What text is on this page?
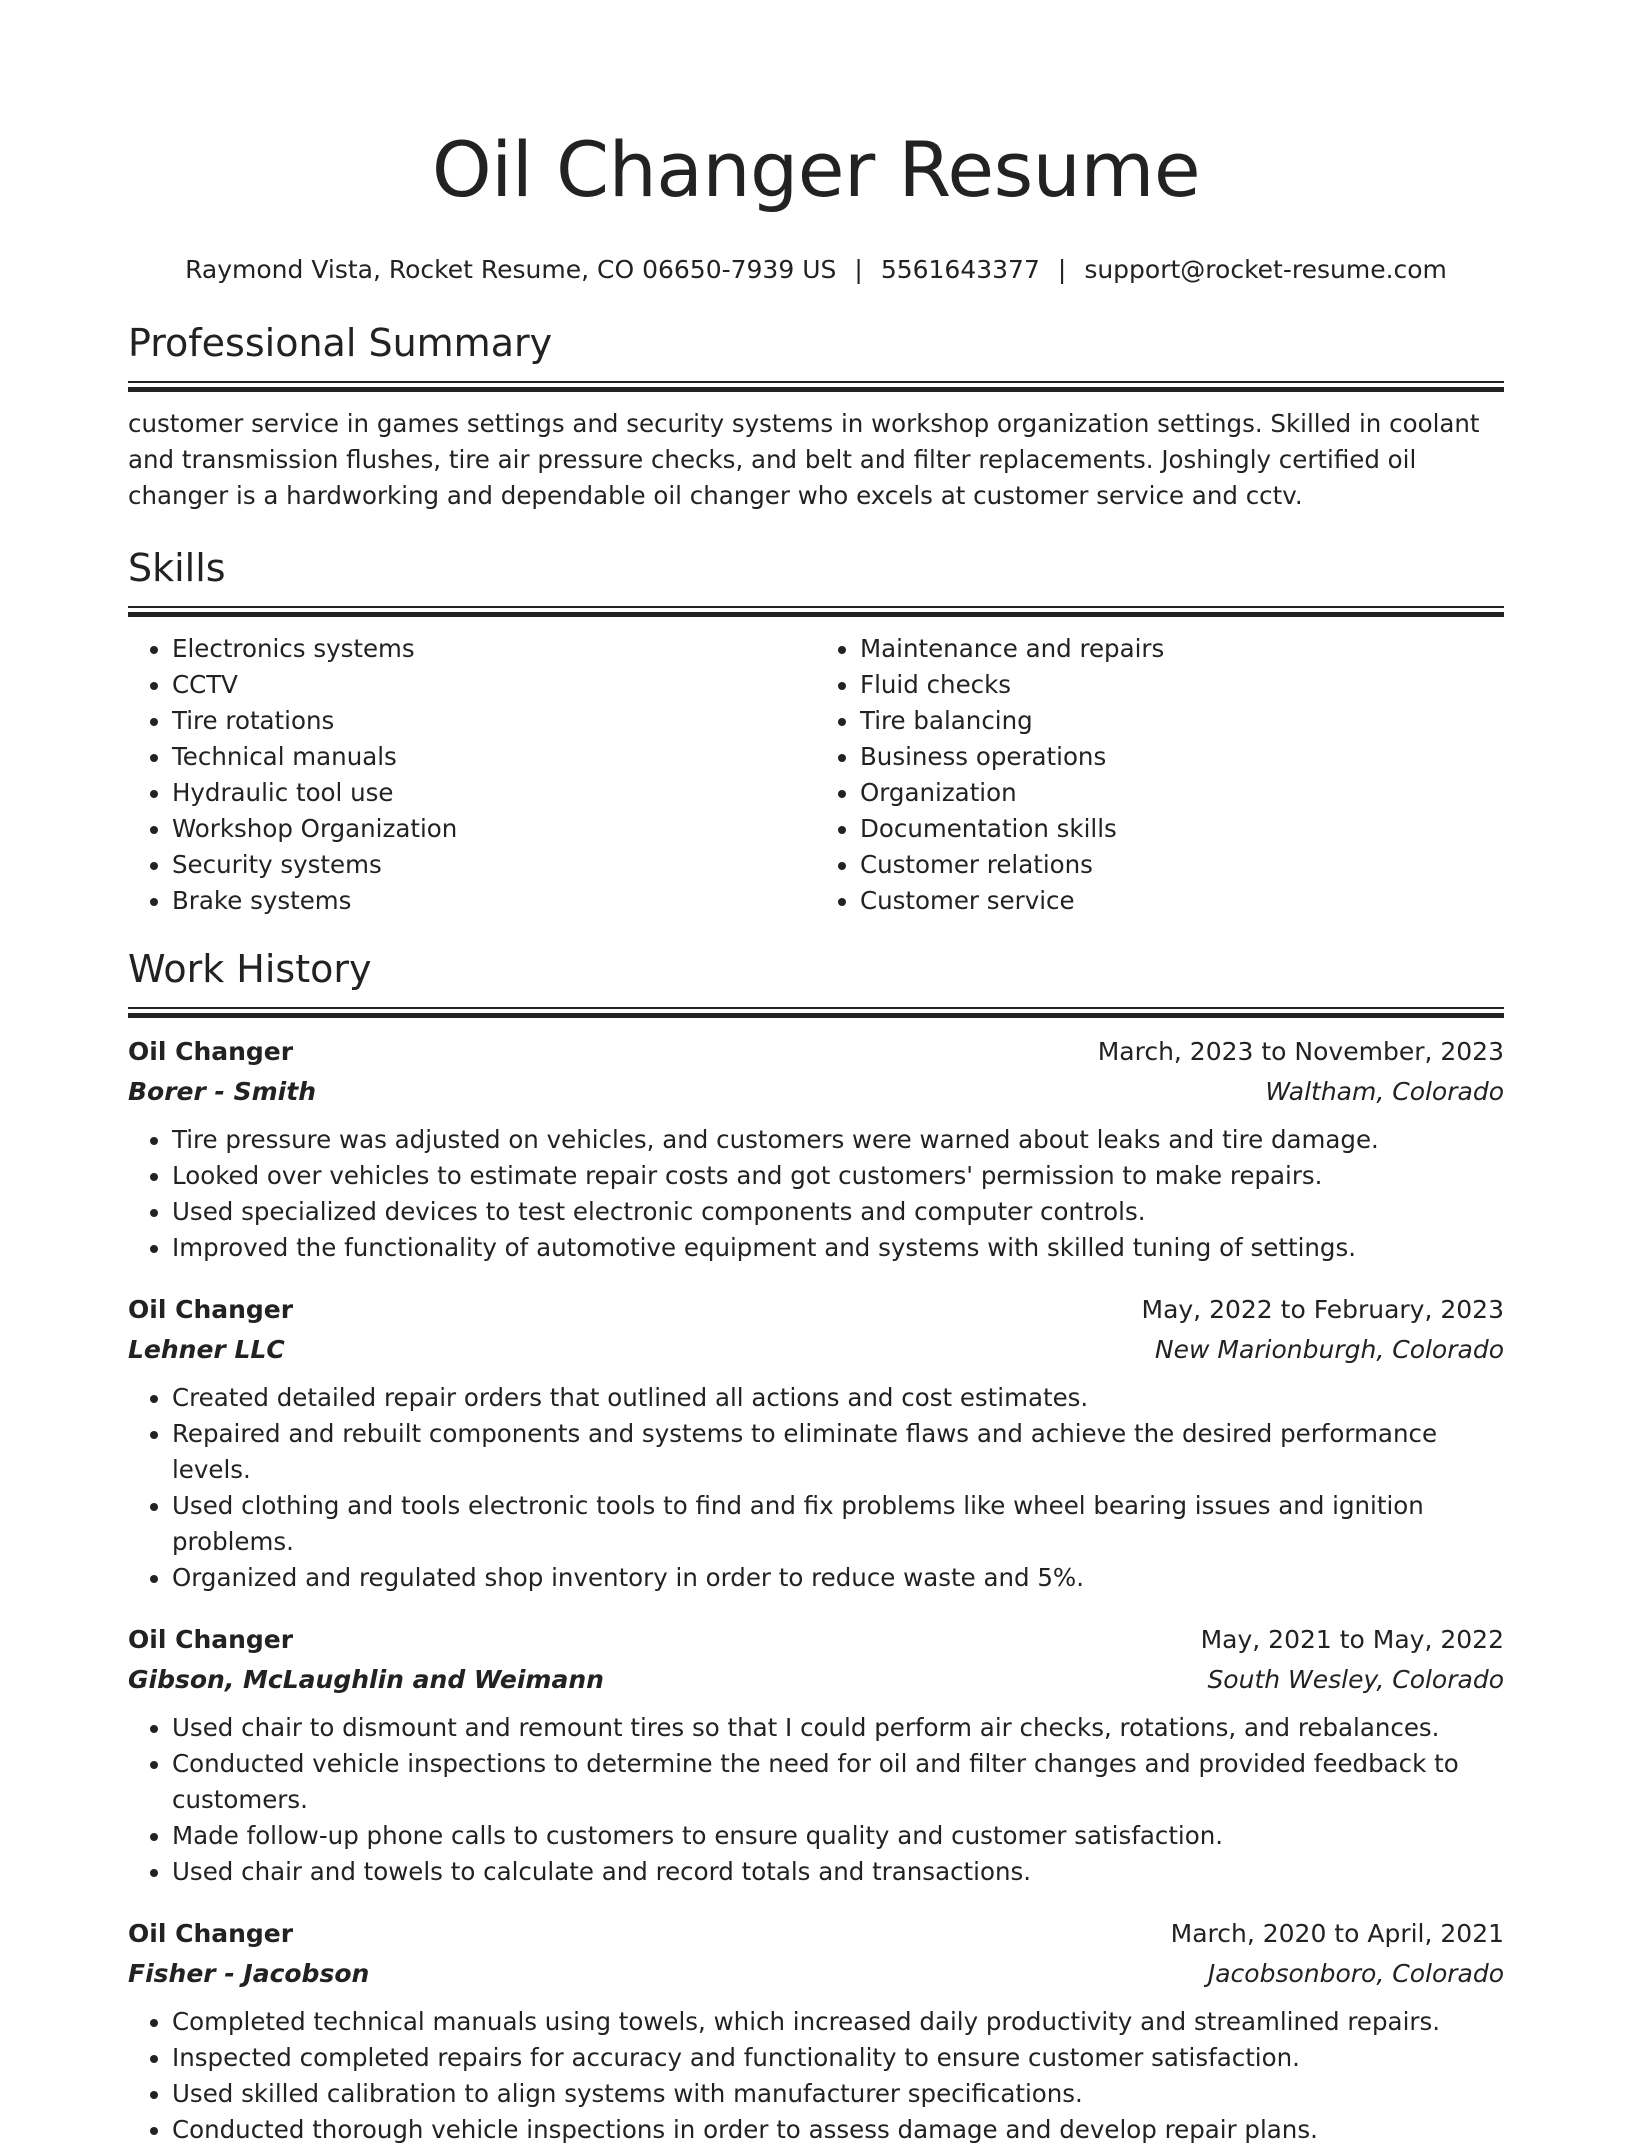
Oil Changer Resume
Raymond Vista, Rocket Resume, CO 06650-7939 US | 5561643377 | support@rocket-resume.com
Professional Summary

customer service in games settings and security systems in workshop organization settings. Skilled in coolant and transmission flushes, tire air pressure checks, and belt and filter replacements. Joshingly certified oil changer is a hardworking and dependable oil changer who excels at customer service and cctv.

Skills
• Electronics systems
• CCTV
• Tire rotations
• Technical manuals
• Hydraulic tool use
• Workshop Organization
• Security systems
• Brake systems
• Maintenance and repairs
• Fluid checks
• Tire balancing
• Business operations
• Organization
• Documentation skills
• Customer relations
• Customer service
Work History
Oil Changer	March, 2023 to November, 2023
Borer - Smith	Waltham, Colorado
• Tire pressure was adjusted on vehicles, and customers were warned about leaks and tire damage.
• Looked over vehicles to estimate repair costs and got customers' permission to make repairs.
• Used specialized devices to test electronic components and computer controls.
• Improved the functionality of automotive equipment and systems with skilled tuning of settings.
Oil Changer	May, 2022 to February, 2023
Lehner LLC	New Marionburgh, Colorado
• Created detailed repair orders that outlined all actions and cost estimates.
• Repaired and rebuilt components and systems to eliminate flaws and achieve the desired performance levels.
• Used clothing and tools electronic tools to find and fix problems like wheel bearing issues and ignition problems.
• Organized and regulated shop inventory in order to reduce waste and 5%.
Oil Changer	May, 2021 to May, 2022
Gibson, McLaughlin and Weimann	South Wesley, Colorado
• Used chair to dismount and remount tires so that I could perform air checks, rotations, and rebalances.
• Conducted vehicle inspections to determine the need for oil and filter changes and provided feedback to customers.
• Made follow-up phone calls to customers to ensure quality and customer satisfaction.
• Used chair and towels to calculate and record totals and transactions.
Oil Changer	March, 2020 to April, 2021
Fisher - Jacobson	Jacobsonboro, Colorado
• Completed technical manuals using towels, which increased daily productivity and streamlined repairs.
• Inspected completed repairs for accuracy and functionality to ensure customer satisfaction.
• Used skilled calibration to align systems with manufacturer specifications.
• Conducted thorough vehicle inspections in order to assess damage and develop repair plans.
